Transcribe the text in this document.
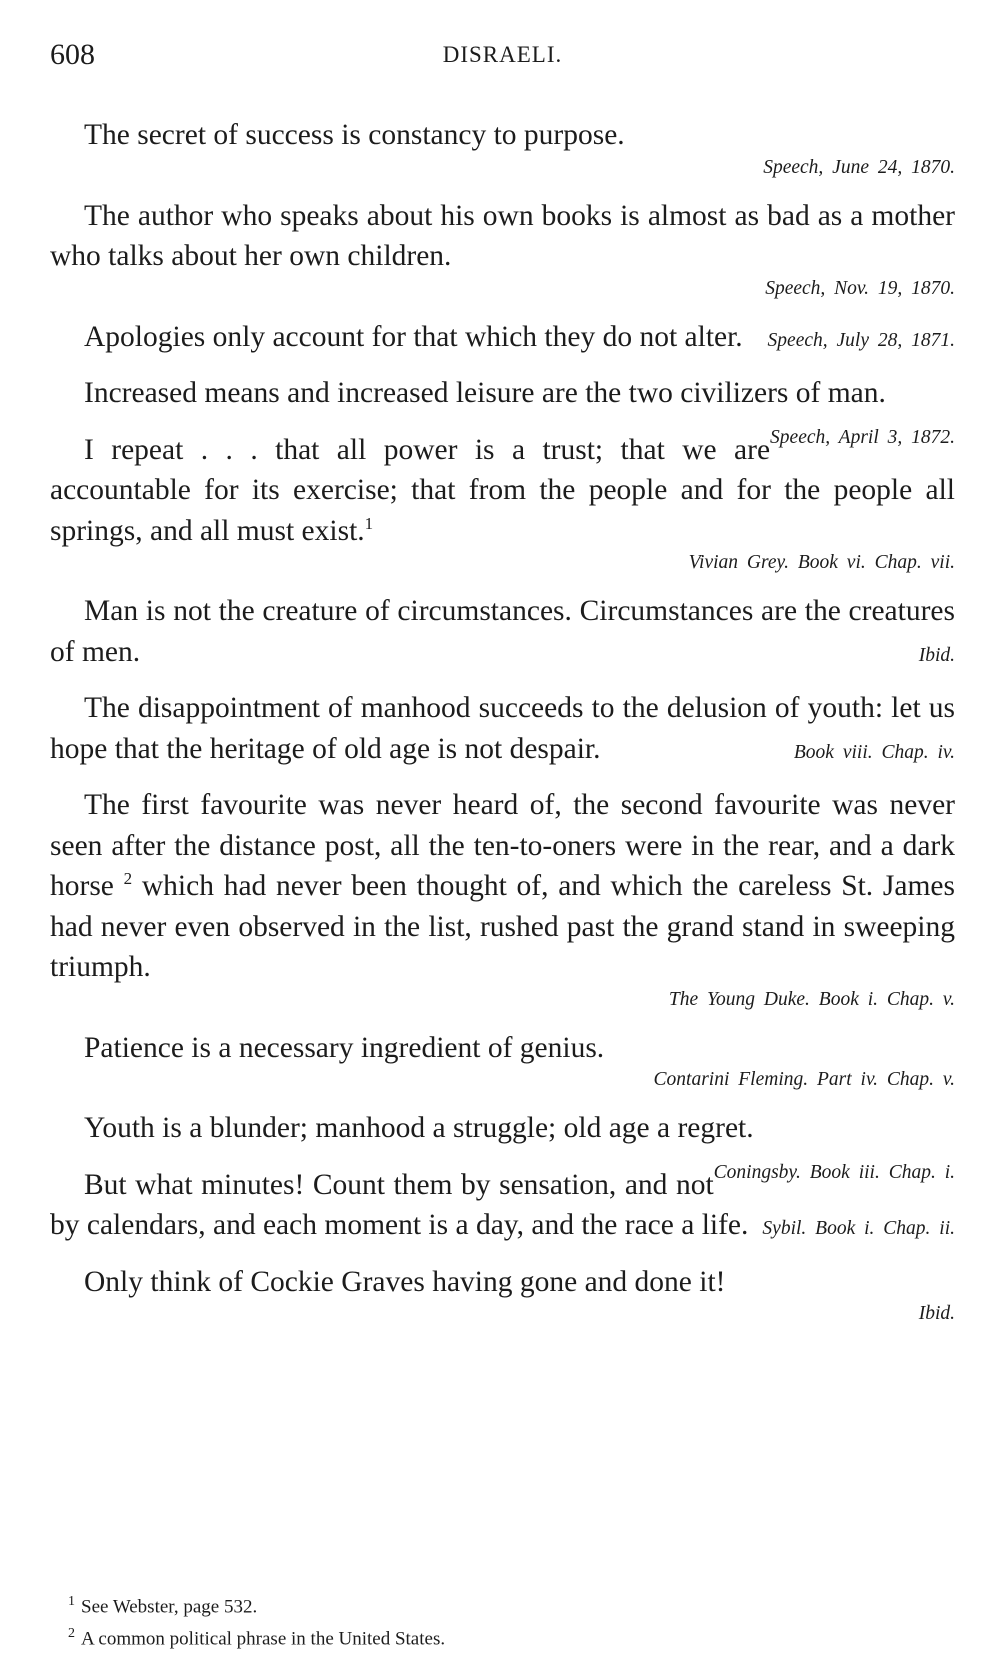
608	DISRAELI.

The secret of success is constancy to purpose.

Speech, June 24, 1870.

The author who speaks about his own books is almost as bad as a mother who talks about her own children.

Speech, Nov. 19, 1870.

Apologies only account for that which they do not alter. Speech, July 28, 1871.

Increased means and increased leisure are the two civilizers of man.
Speech, April 3, 1872.

I repeat . . . that all power is a trust; that we are accountable for its exercise; that from the people and for the people all springs, and all must exist.$^1$

Vivian Grey. Book vi. Chap. vii.

Man is not the creature of circumstances. Circumstances are the creatures of men.	Ibid.

The disappointment of manhood succeeds to the delusion of youth: let us hope that the heritage of old age is not despair.	Book viii. Chap. iv.

The first favourite was never heard of, the second favourite was never seen after the distance post, all the ten-to-oners were in the rear, and a dark horse $^2$ which had never been thought of, and which the careless St. James had never even observed in the list, rushed past the grand stand in sweeping triumph.

The Young Duke. Book i. Chap. v.

Patience is a necessary ingredient of genius.

Contarini Fleming. Part iv. Chap. v.

Youth is a blunder; manhood a struggle; old age a regret.
Coningsby. Book iii. Chap. i.

But what minutes! Count them by sensation, and not by calendars, and each moment is a day, and the race a life. Sybil. Book i. Chap. ii.

Only think of Cockie Graves having gone and done it!

Ibid.
$^1$ See Webster, page 532.
$^2$ A common political phrase in the United States.
